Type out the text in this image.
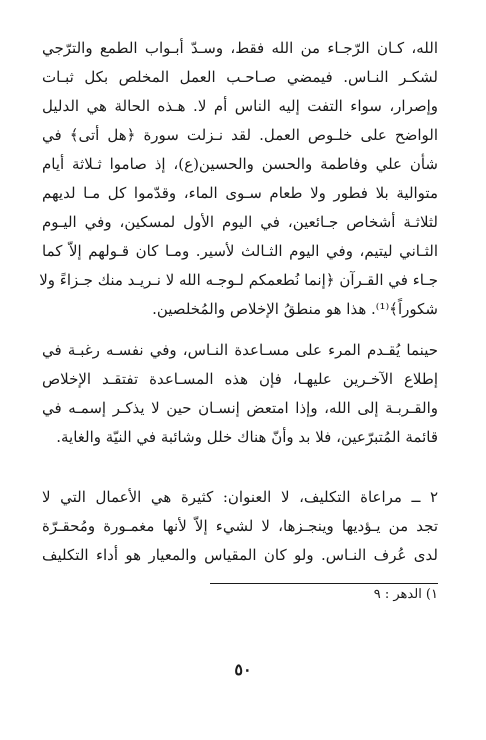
الله، كـان الرّجـاء من الله فقط، وسـدّ أبـواب الطمع والترّجي
لشكـر النـاس. فيمضي صـاحـب العمل المخلص بكل ثبـات
وإصرار، سواء التفت إليه الناس أم لا. هـذه الحالة هي الدليل
الواضح على خلـوص العمل. لقد نـزلت سورة ﴿هل أتى﴾ في
شأن علي وفاطمة والحسن والحسين(ع)، إذ صاموا ثـلاثة أيام
متوالية بلا فطور ولا طعام سـوى الماء، وقدّموا كل مـا لديهم
لثلاثـة أشخاص جـائعين، في اليوم الأول لمسكين، وفي اليـوم
الثـاني ليتيم، وفي اليوم الثـالث لأسير. ومـا كان قـولهم إلاّ كما
جـاء في القـرآن ﴿إنما نُطعمكم لـوجـه الله لا نـريـد منك جـزاءً ولا
شكوراً﴾⁽¹⁾. هذا هو منطقُ الإخلاص والمُخلصين.
حينما يُقـدم المرء على مسـاعدة النـاس، وفي نفسـه رغبـة في
إطلاع الآخـرين عليهـا، فإن هذه المسـاعدة تفتقـد الإخلاص
والقـربـة إلى الله، وإذا امتعض إنسـان حين لا يذكـر إسمـه في
قائمة المُتبرّعين، فلا بد وأنّ هناك خلل وشائبة في النيّة والغاية.
٢ ــ مراعاة التكليف، لا العنوان: كثيرة هي الأعمال التي لا
تجد من يـؤديها وينجـزها، لا لشيء إلاّ لأنها مغمـورة ومُحقـرّة
لدى عُرف النـاس. ولو كان المقياس والمعيار هو أداء التكليف
١) الدهر : ٩
٥٠
